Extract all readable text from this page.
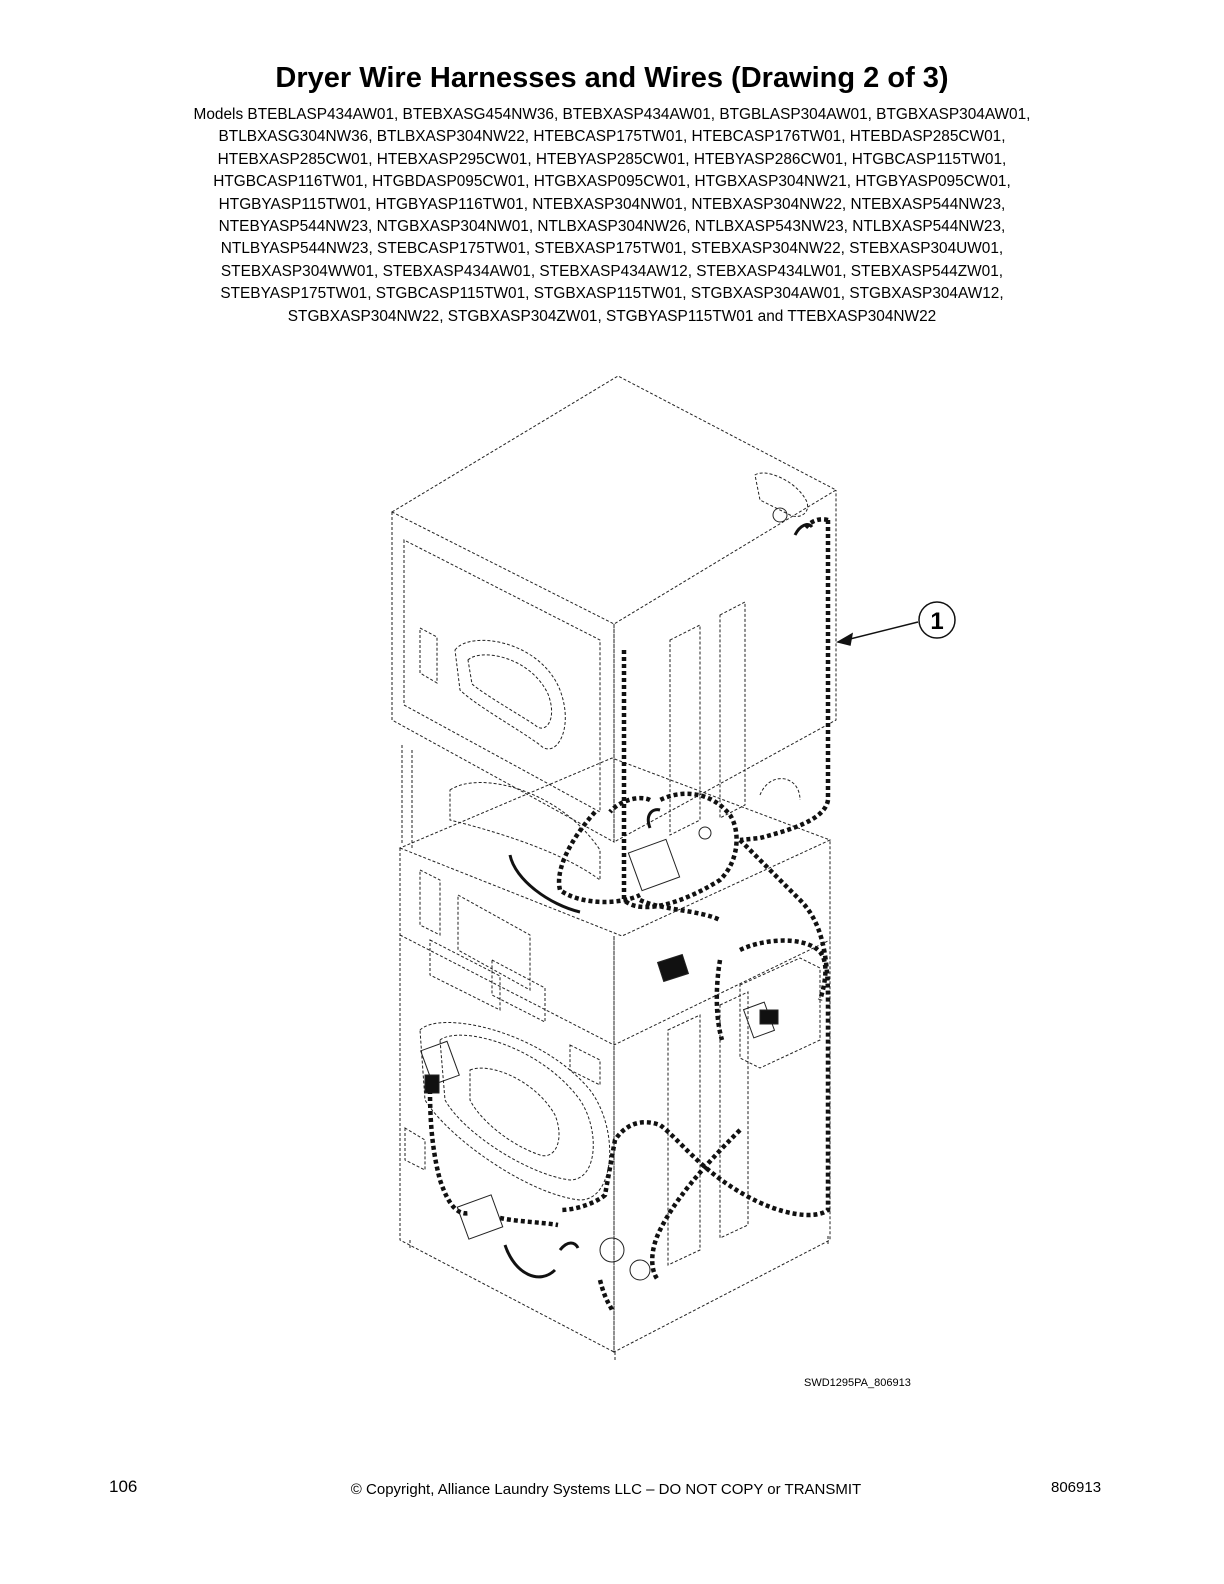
Dryer Wire Harnesses and Wires (Drawing 2 of 3)
Models BTEBLASP434AW01, BTEBXASG454NW36, BTEBXASP434AW01, BTGBLASP304AW01, BTGBXASP304AW01,
BTLBXASG304NW36, BTLBXASP304NW22, HTEBCASP175TW01, HTEBCASP176TW01, HTEBDASP285CW01,
HTEBXASP285CW01, HTEBXASP295CW01, HTEBYASP285CW01, HTEBYASP286CW01, HTGBCASP115TW01,
HTGBCASP116TW01, HTGBDASP095CW01, HTGBXASP095CW01, HTGBXASP304NW21, HTGBYASP095CW01,
HTGBYASP115TW01, HTGBYASP116TW01, NTEBXASP304NW01, NTEBXASP304NW22, NTEBXASP544NW23,
NTEBYASP544NW23, NTGBXASP304NW01, NTLBXASP304NW26, NTLBXASP543NW23, NTLBXASP544NW23,
NTLBYASP544NW23, STEBCASP175TW01, STEBXASP175TW01, STEBXASP304NW22, STEBXASP304UW01,
STEBXASP304WW01, STEBXASP434AW01, STEBXASP434AW12, STEBXASP434LW01, STEBXASP544ZW01,
STEBYASP175TW01, STGBCASP115TW01, STGBXASP115TW01, STGBXASP304AW01, STGBXASP304AW12,
STGBXASP304NW22, STGBXASP304ZW01, STGBYASP115TW01 and TTEBXASP304NW22
1
SWD1295PA_806913
106	© Copyright, Alliance Laundry Systems LLC – DO NOT COPY or TRANSMIT	806913
